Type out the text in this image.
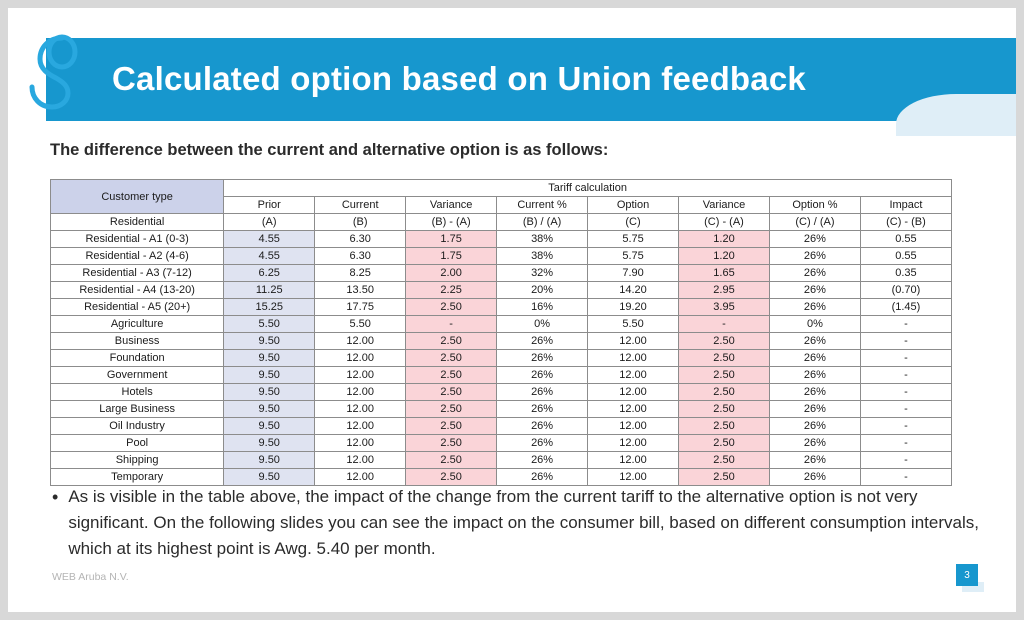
Calculated option based on Union feedback
The difference between the current and alternative option is as follows:
Customer type	Tariff calculation							
	Prior	Current	Variance	Current %	Option	Variance	Option %	Impact
Residential	(A)	(B)	(B) - (A)	(B) / (A)	(C)	(C) - (A)	(C) / (A)	(C) - (B)
Residential - A1 (0-3)	4.55	6.30	1.75	38%	5.75	1.20	26%	0.55
Residential - A2 (4-6)	4.55	6.30	1.75	38%	5.75	1.20	26%	0.55
Residential - A3 (7-12)	6.25	8.25	2.00	32%	7.90	1.65	26%	0.35
Residential - A4 (13-20)	11.25	13.50	2.25	20%	14.20	2.95	26%	(0.70)
Residential - A5 (20+)	15.25	17.75	2.50	16%	19.20	3.95	26%	(1.45)
Agriculture	5.50	5.50	-	0%	5.50	-	0%	-
Business	9.50	12.00	2.50	26%	12.00	2.50	26%	-
Foundation	9.50	12.00	2.50	26%	12.00	2.50	26%	-
Government	9.50	12.00	2.50	26%	12.00	2.50	26%	-
Hotels	9.50	12.00	2.50	26%	12.00	2.50	26%	-
Large Business	9.50	12.00	2.50	26%	12.00	2.50	26%	-
Oil Industry	9.50	12.00	2.50	26%	12.00	2.50	26%	-
Pool	9.50	12.00	2.50	26%	12.00	2.50	26%	-
Shipping	9.50	12.00	2.50	26%	12.00	2.50	26%	-
Temporary	9.50	12.00	2.50	26%	12.00	2.50	26%	-
• As is visible in the table above, the impact of the change from the current tariff to the alternative option is not very significant. On the following slides you can see the impact on the consumer bill, based on different consumption intervals, which at its highest point is Awg. 5.40 per month.
WEB Aruba N.V.	3
